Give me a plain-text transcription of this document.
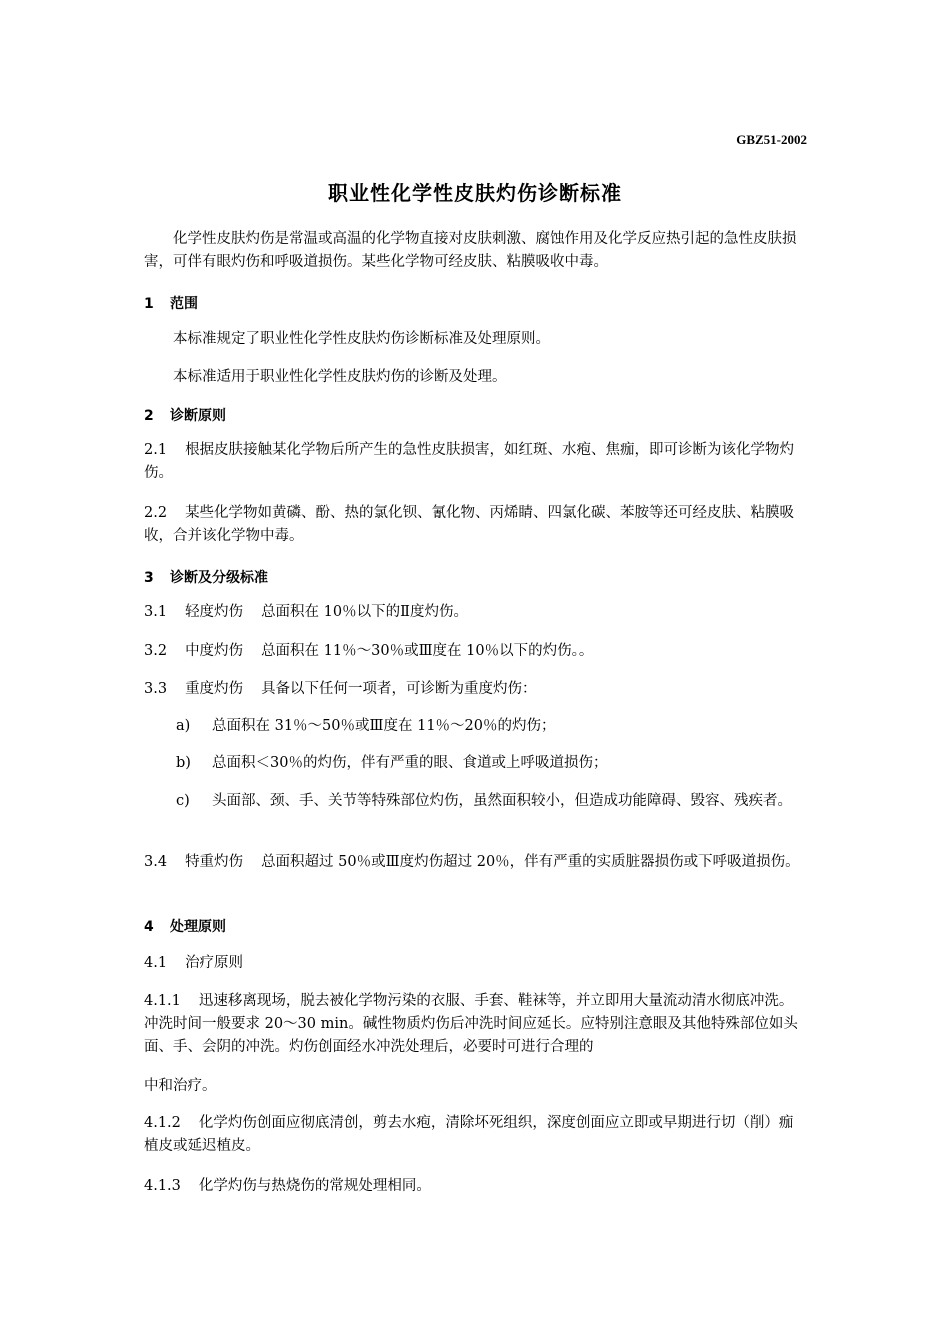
GBZ51-2002
职业性化学性皮肤灼伤诊断标准
化学性皮肤灼伤是常温或高温的化学物直接对皮肤刺激、腐蚀作用及化学反应热引起的急性皮肤损害，可伴有眼灼伤和呼吸道损伤。某些化学物可经皮肤、粘膜吸收中毒。
1 范围
本标准规定了职业性化学性皮肤灼伤诊断标准及处理原则。
本标准适用于职业性化学性皮肤灼伤的诊断及处理。
2 诊断原则
2.1 根据皮肤接触某化学物后所产生的急性皮肤损害，如红斑、水疱、焦痂，即可诊断为该化学物灼伤。
2.2 某些化学物如黄磷、酚、热的氯化钡、氰化物、丙烯睛、四氯化碳、苯胺等还可经皮肤、粘膜吸收，合并该化学物中毒。
3 诊断及分级标准
3.1 轻度灼伤 总面积在 10％以下的Ⅱ度灼伤。
3.2 中度灼伤 总面积在 11％～30％或Ⅲ度在 10％以下的灼伤。。
3.3 重度灼伤 具备以下任何一项者，可诊断为重度灼伤：
a) 总面积在 31％～50％或Ⅲ度在 11％～20％的灼伤；
b) 总面积＜30％的灼伤，伴有严重的眼、食道或上呼吸道损伤；
c) 头面部、颈、手、关节等特殊部位灼伤，虽然面积较小，但造成功能障碍、毁容、残疾者。
3.4 特重灼伤 总面积超过 50％或Ⅲ度灼伤超过 20％，伴有严重的实质脏器损伤或下呼吸道损伤。
4 处理原则
4.1 治疗原则
4.1.1 迅速移离现场，脱去被化学物污染的衣服、手套、鞋袜等，并立即用大量流动清水彻底冲洗。冲洗时间一般要求 20～30 min。碱性物质灼伤后冲洗时间应延长。应特别注意眼及其他特殊部位如头面、手、会阴的冲洗。灼伤创面经水冲洗处理后，必要时可进行合理的
中和治疗。
4.1.2 化学灼伤创面应彻底清创，剪去水疱，清除坏死组织，深度创面应立即或早期进行切（削）痂植皮或延迟植皮。
4.1.3 化学灼伤与热烧伤的常规处理相同。
